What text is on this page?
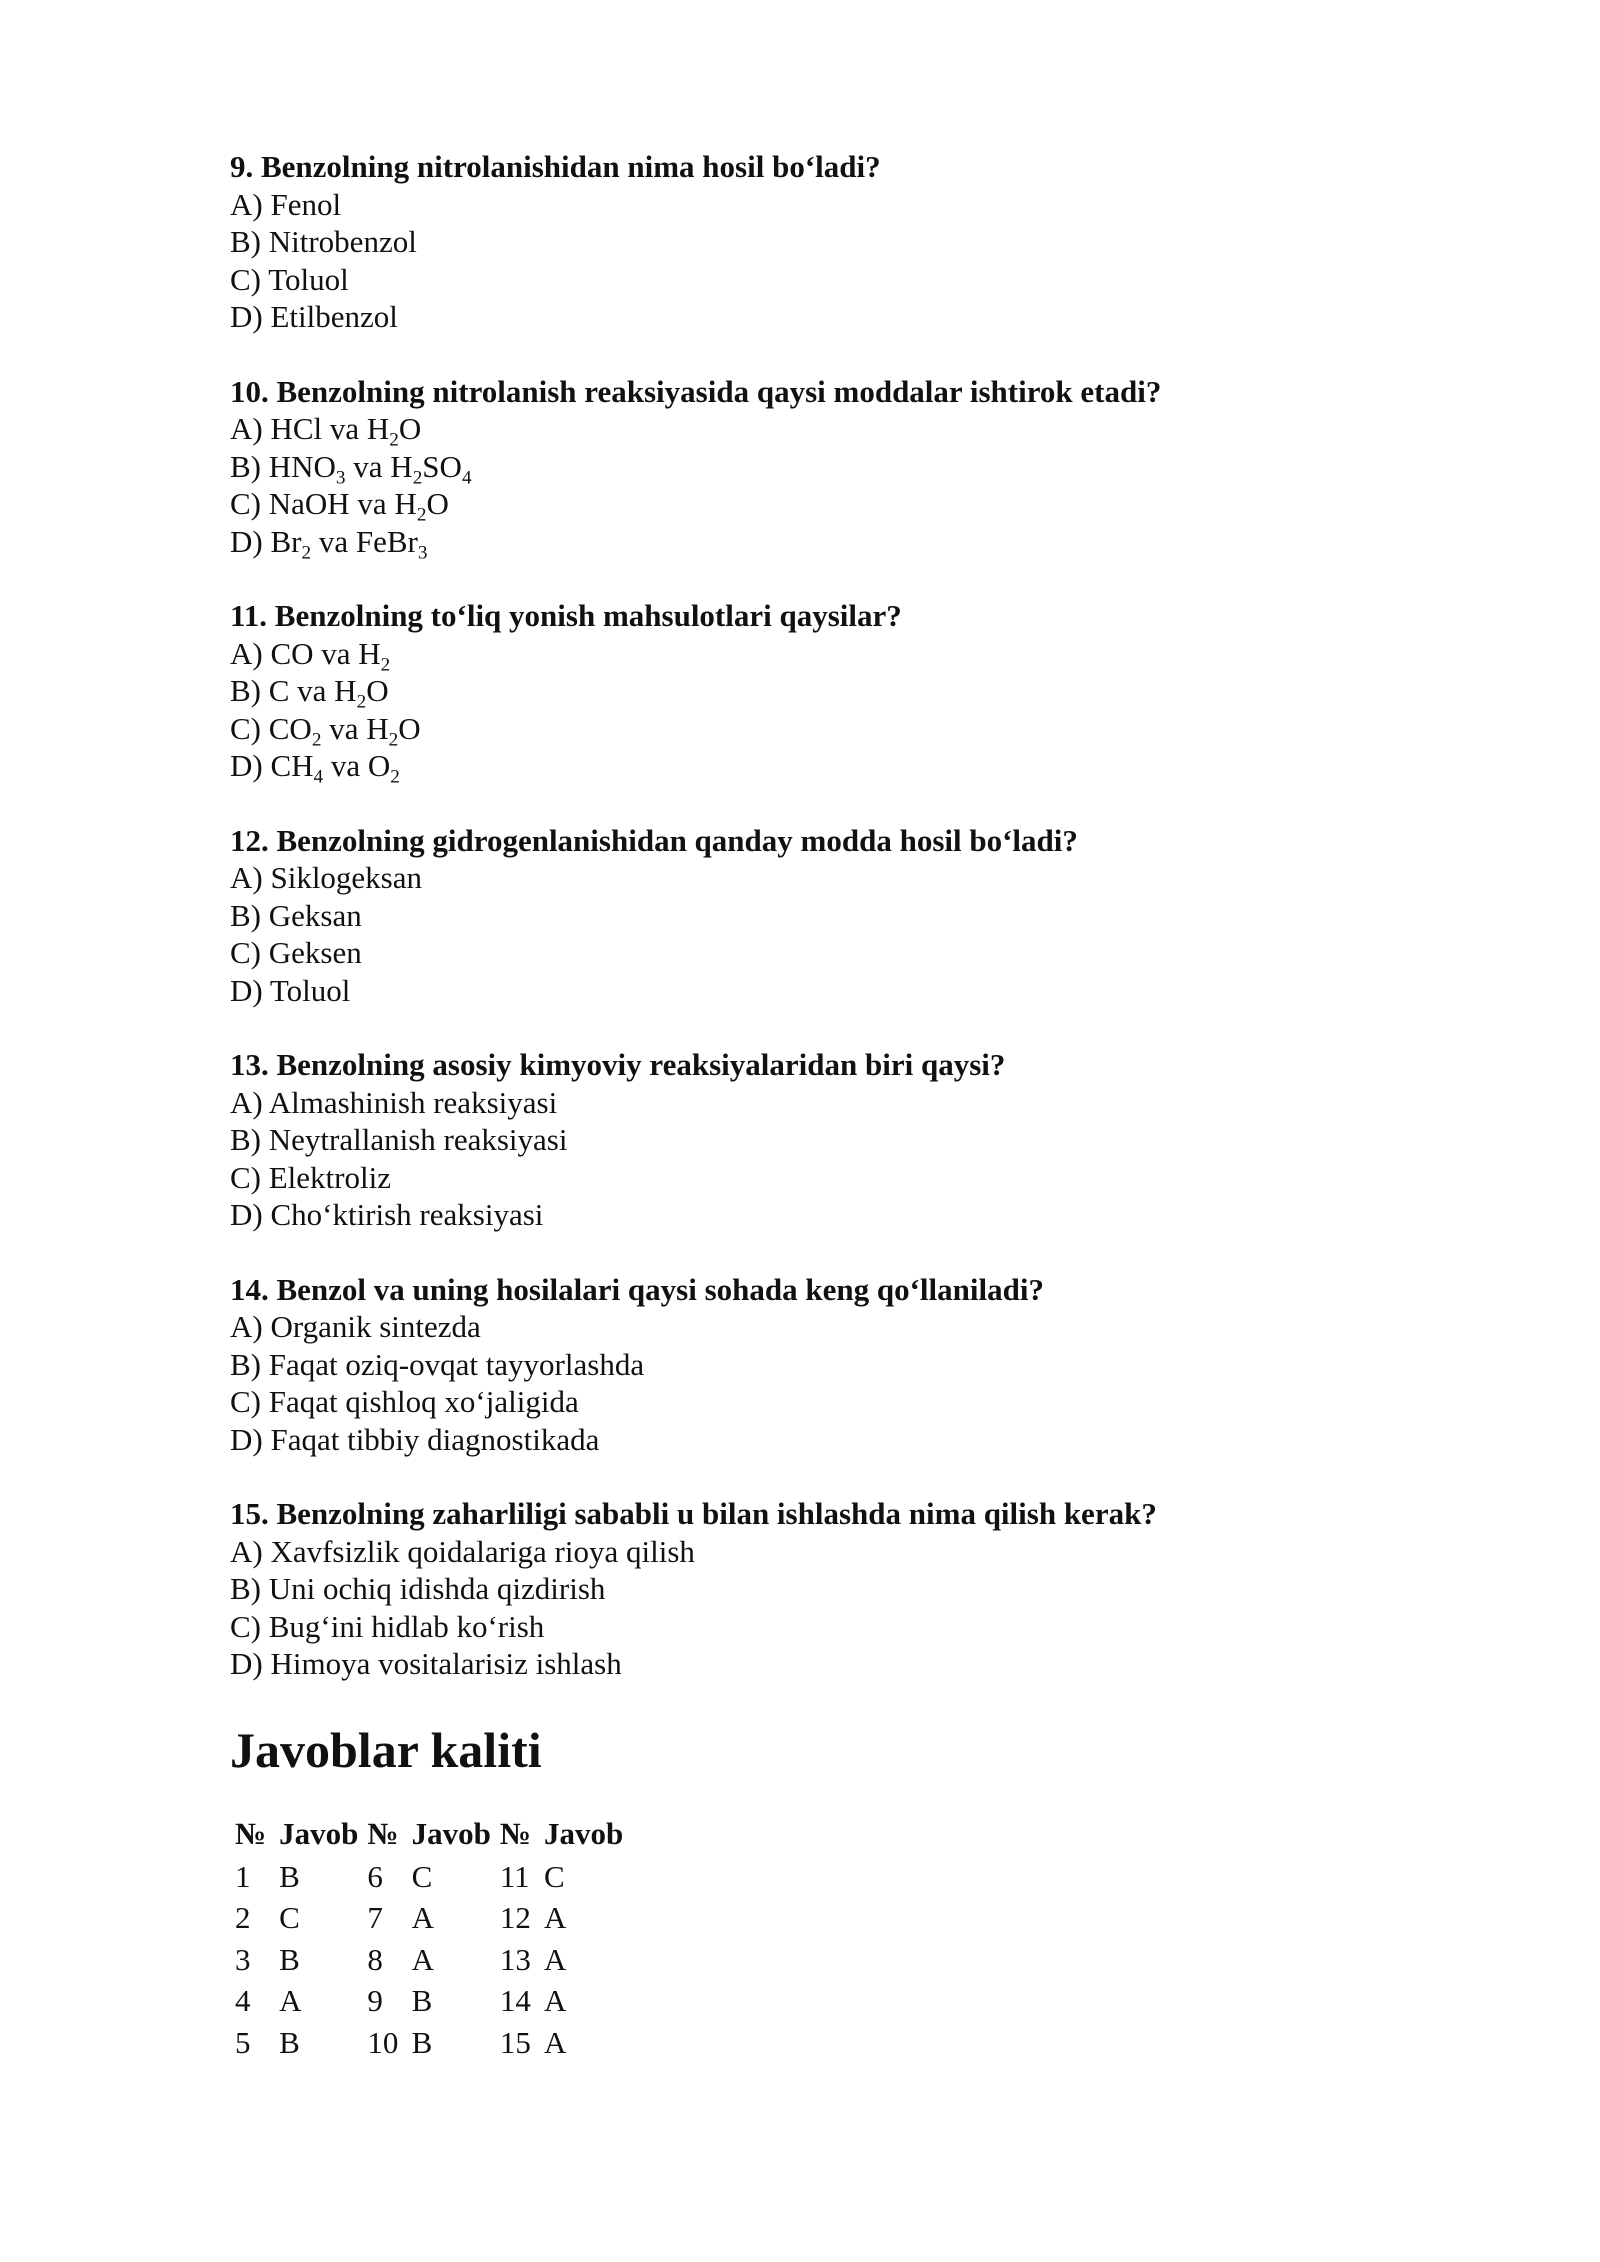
9. Benzolning nitrolanishidan nima hosil bo‘ladi?
A) Fenol
B) Nitrobenzol
C) Toluol
D) Etilbenzol
10. Benzolning nitrolanish reaksiyasida qaysi moddalar ishtirok etadi?
A) HCl va $H_2O$
B) $HNO_3$ va $H_2SO_4$
C) NaOH va $H_2O$
D) $Br_2$ va FeBr$_3$
11. Benzolning to‘liq yonish mahsulotlari qaysilar?
A) CO va $H_2$
B) C va $H_2O$
C) $CO_2$ va $H_2O$
D) $CH_4$ va $O_2$
12. Benzolning gidrogenlanishidan qanday modda hosil bo‘ladi?
A) Siklogeksan
B) Geksan
C) Geksen
D) Toluol
13. Benzolning asosiy kimyoviy reaksiyalaridan biri qaysi?
A) Almashinish reaksiyasi
B) Neytrallanish reaksiyasi
C) Elektroliz
D) Cho‘ktirish reaksiyasi
14. Benzol va uning hosilalari qaysi sohada keng qo‘llaniladi?
A) Organik sintezda
B) Faqat oziq-ovqat tayyorlashda
C) Faqat qishloq xo‘jaligida
D) Faqat tibbiy diagnostikada
15. Benzolning zaharliligi sababli u bilan ishlashda nima qilish kerak?
A) Xavfsizlik qoidalariga rioya qilish
B) Uni ochiq idishda qizdirish
C) Bug‘ini hidlab ko‘rish
D) Himoya vositalarisiz ishlash
Javoblar kaliti
№	Javob	№	Javob	№	Javob
1	B	6	C	11	C
2	C	7	A	12	A
3	B	8	A	13	A
4	A	9	B	14	A
5	B	10	B	15	A
